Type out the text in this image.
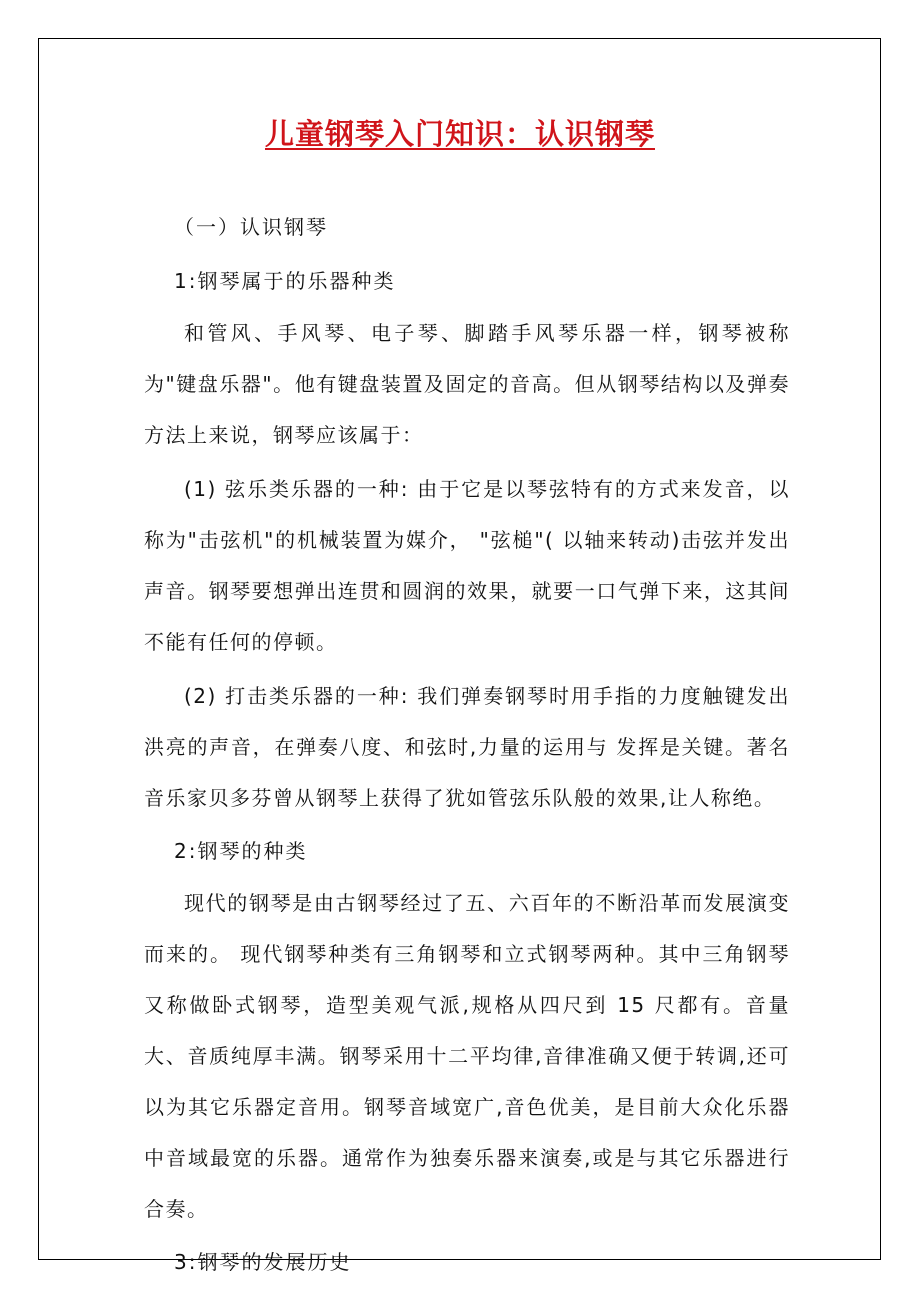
儿童钢琴入门知识：认识钢琴

（一）认识钢琴

1:钢琴属于的乐器种类

和管风、手风琴、电子琴、脚踏手风琴乐器一样，钢琴被称为"键盘乐器"。他有键盘装置及固定的音高。但从钢琴结构以及弹奏方法上来说，钢琴应该属于：

(1) 弦乐类乐器的一种: 由于它是以琴弦特有的方式来发音，以称为"击弦机"的机械装置为媒介， "弦槌"( 以轴来转动)击弦并发出声音。钢琴要想弹出连贯和圆润的效果，就要一口气弹下来，这其间不能有任何的停顿。

(2) 打击类乐器的一种: 我们弹奏钢琴时用手指的力度触键发出洪亮的声音，在弹奏八度、和弦时,力量的运用与 发挥是关键。著名音乐家贝多芬曾从钢琴上获得了犹如管弦乐队般的效果,让人称绝。

2:钢琴的种类

现代的钢琴是由古钢琴经过了五、六百年的不断沿革而发展演变而来的。 现代钢琴种类有三角钢琴和立式钢琴两种。其中三角钢琴又称做卧式钢琴，造型美观气派,规格从四尺到 15 尺都有。音量大、音质纯厚丰满。钢琴采用十二平均律,音律准确又便于转调,还可以为其它乐器定音用。钢琴音域宽广,音色优美，是目前大众化乐器中音域最宽的乐器。通常作为独奏乐器来演奏,或是与其它乐器进行合奏。

3:钢琴的发展历史
